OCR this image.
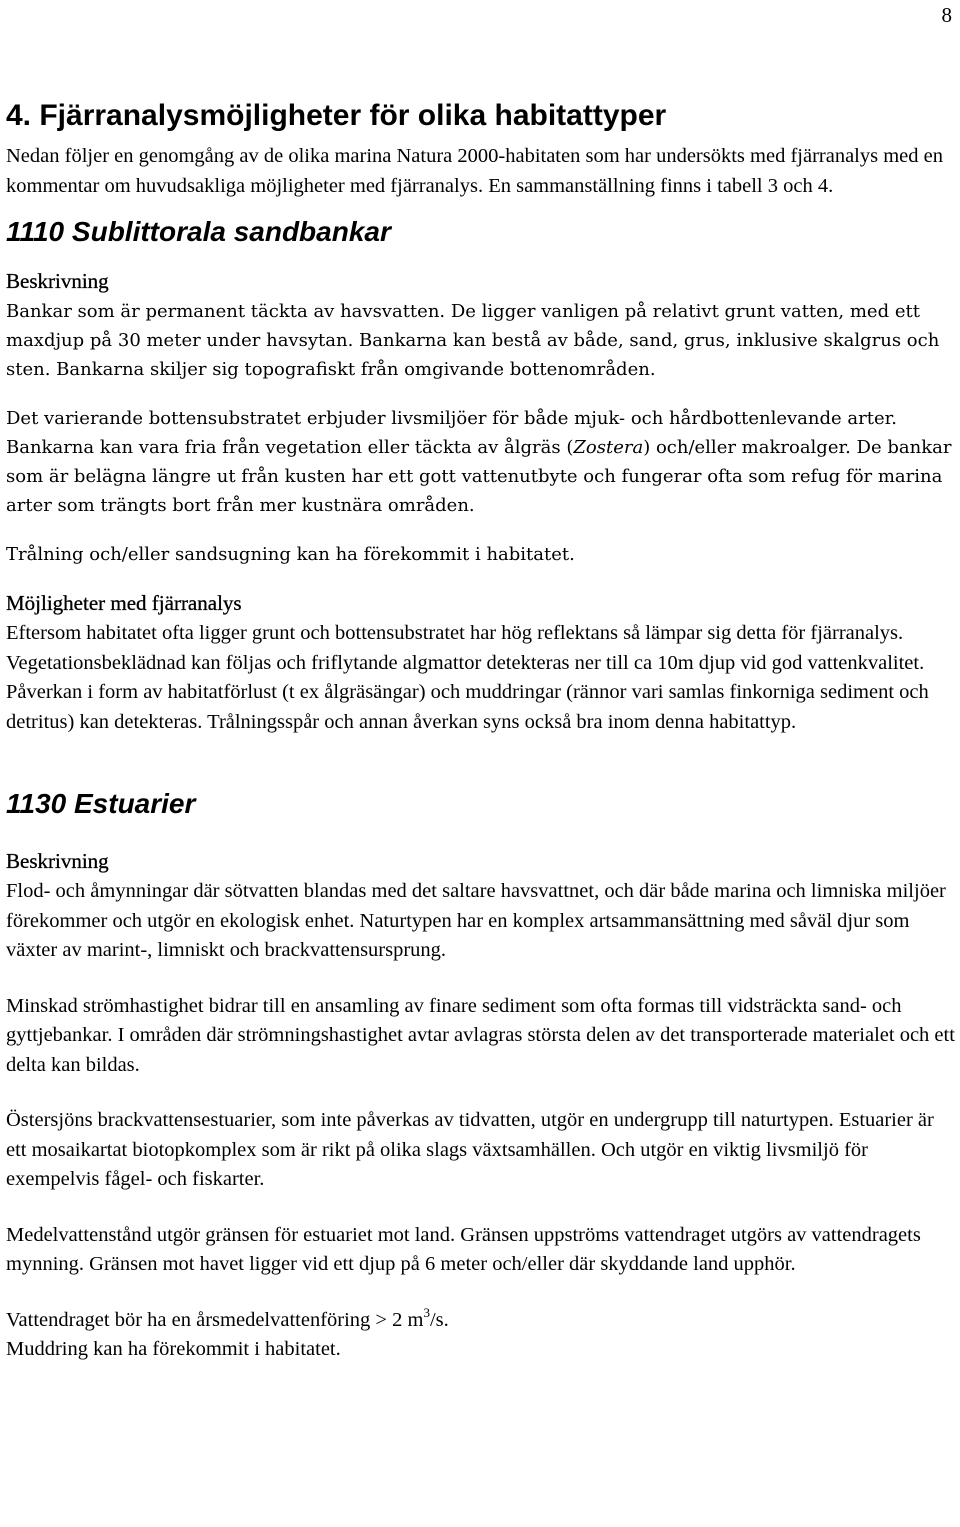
8
4. Fjärranalysmöjligheter för olika habitattyper

Nedan följer en genomgång av de olika marina Natura 2000-habitaten som har undersökts med fjärranalys med en kommentar om huvudsakliga möjligheter med fjärranalys. En sammanställning finns i tabell 3 och 4.

1110 Sublittorala sandbankar
Beskrivning

Bankar som är permanent täckta av havsvatten. De ligger vanligen på relativt grunt vatten, med ett maxdjup på 30 meter under havsytan. Bankarna kan bestå av både, sand, grus, inklusive skalgrus och sten. Bankarna skiljer sig topografiskt från omgivande bottenområden.

Det varierande bottensubstratet erbjuder livsmiljöer för både mjuk- och hårdbottenlevande arter. Bankarna kan vara fria från vegetation eller täckta av ålgräs (Zostera) och/eller makroalger. De bankar som är belägna längre ut från kusten har ett gott vattenutbyte och fungerar ofta som refug för marina arter som trängts bort från mer kustnära områden.

Trålning och/eller sandsugning kan ha förekommit i habitatet.

Möjligheter med fjärranalys

Eftersom habitatet ofta ligger grunt och bottensubstratet har hög reflektans så lämpar sig detta för fjärranalys. Vegetationsbeklädnad kan följas och friflytande algmattor detekteras ner till ca 10m djup vid god vattenkvalitet. Påverkan i form av habitatförlust (t ex ålgräsängar) och muddringar (rännor vari samlas finkorniga sediment och detritus) kan detekteras. Trålningsspår och annan åverkan syns också bra inom denna habitattyp.

1130 Estuarier
Beskrivning

Flod- och åmynningar där sötvatten blandas med det saltare havsvattnet, och där både marina och limniska miljöer förekommer och utgör en ekologisk enhet. Naturtypen har en komplex artsammansättning med såväl djur som växter av marint-, limniskt och brackvattensursprung.

Minskad strömhastighet bidrar till en ansamling av finare sediment som ofta formas till vidsträckta sand- och gyttjebankar. I områden där strömningshastighet avtar avlagras största delen av det transporterade materialet och ett delta kan bildas.

Östersjöns brackvattensestuarier, som inte påverkas av tidvatten, utgör en undergrupp till naturtypen. Estuarier är ett mosaikartat biotopkomplex som är rikt på olika slags växtsamhällen. Och utgör en viktig livsmiljö för exempelvis fågel- och fiskarter.

Medelvattenstånd utgör gränsen för estuariet mot land. Gränsen uppströms vattendraget utgörs av vattendragets mynning. Gränsen mot havet ligger vid ett djup på 6 meter och/eller där skyddande land upphör.

Vattendraget bör ha en årsmedelvattenföring > 2 $m^3/s$.

Muddring kan ha förekommit i habitatet.
